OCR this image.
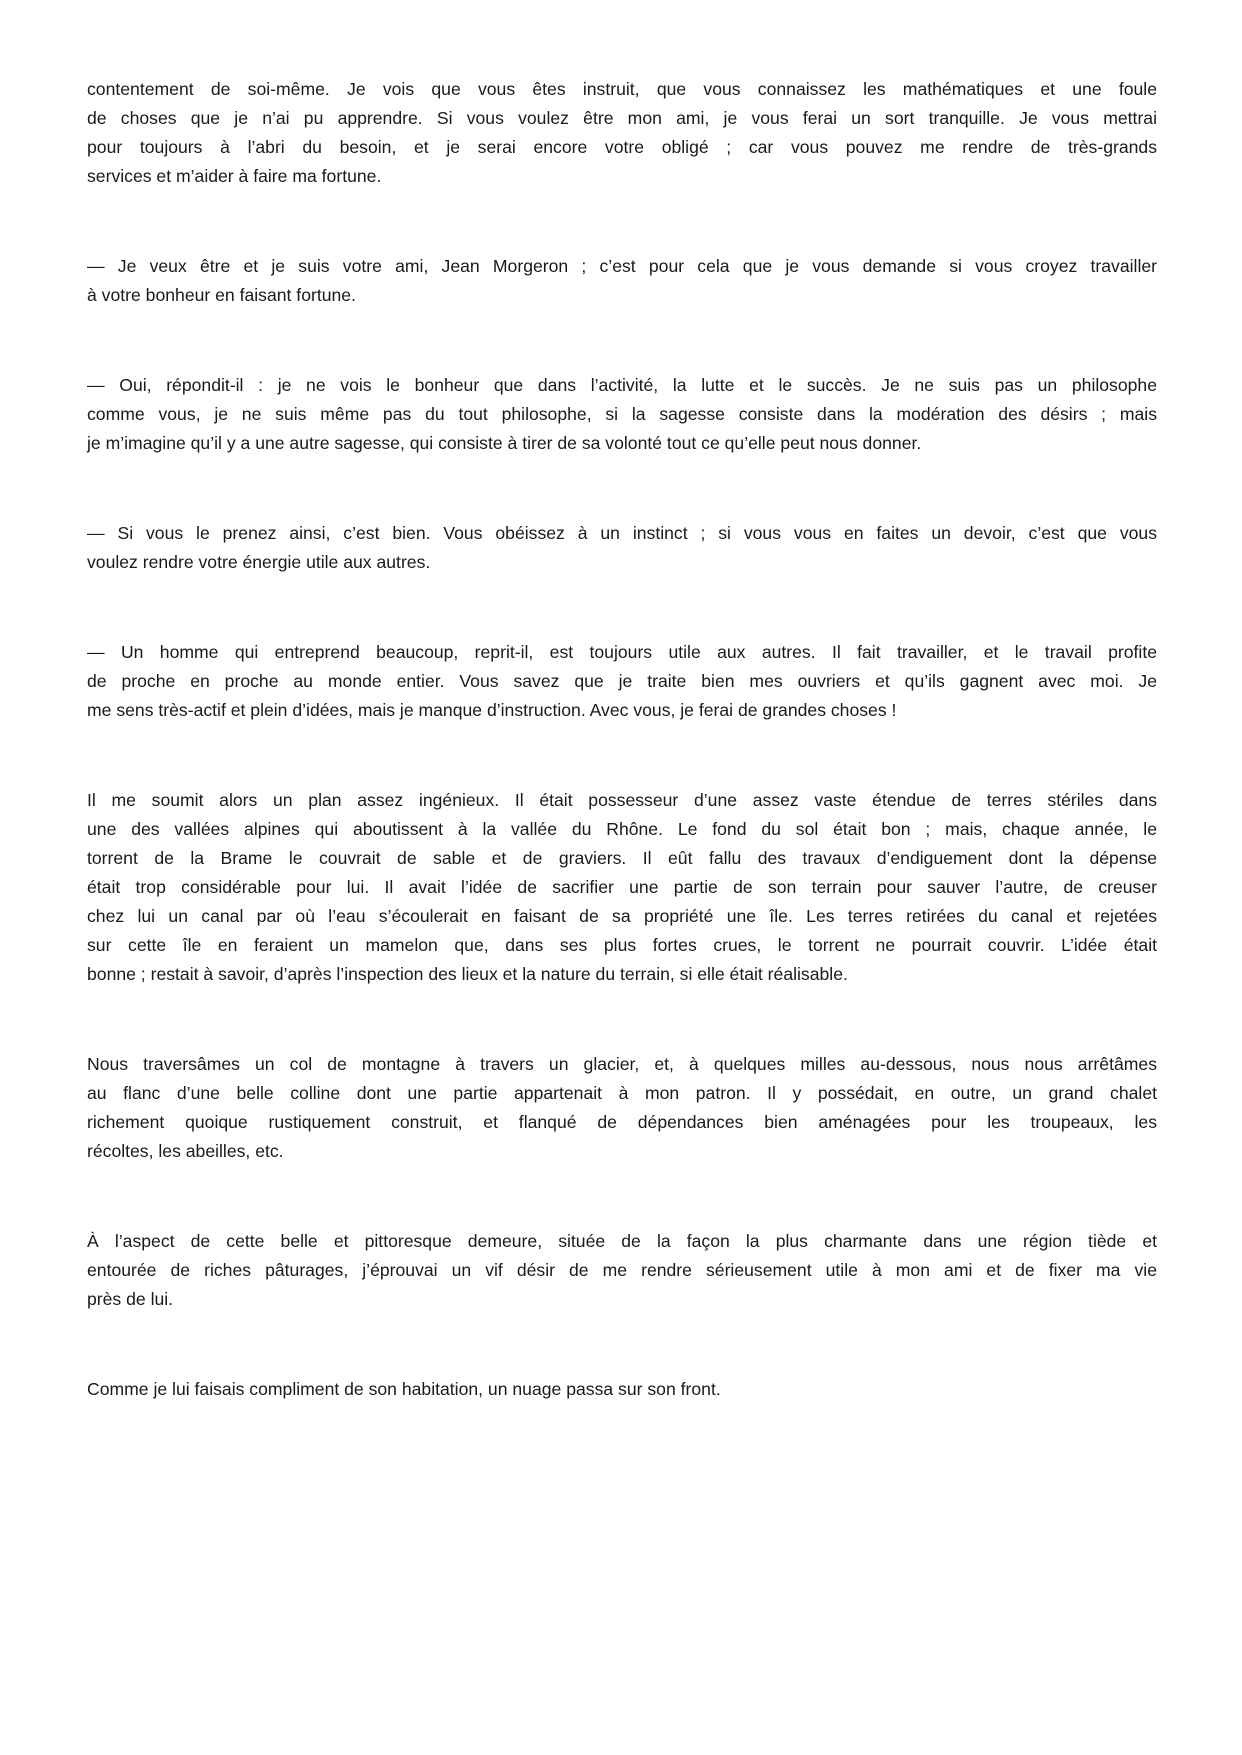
contentement de soi-même. Je vois que vous êtes instruit, que vous connaissez les mathématiques et une foule
de choses que je n’ai pu apprendre. Si vous voulez être mon ami, je vous ferai un sort tranquille. Je vous mettrai
pour toujours à l’abri du besoin, et je serai encore votre obligé ; car vous pouvez me rendre de très-grands
services et m’aider à faire ma fortune.

— Je veux être et je suis votre ami, Jean Morgeron ; c’est pour cela que je vous demande si vous croyez travailler
à votre bonheur en faisant fortune.

— Oui, répondit-il : je ne vois le bonheur que dans l’activité, la lutte et le succès. Je ne suis pas un philosophe
comme vous, je ne suis même pas du tout philosophe, si la sagesse consiste dans la modération des désirs ; mais
je m’imagine qu’il y a une autre sagesse, qui consiste à tirer de sa volonté tout ce qu’elle peut nous donner.

— Si vous le prenez ainsi, c’est bien. Vous obéissez à un instinct ; si vous vous en faites un devoir, c’est que vous
voulez rendre votre énergie utile aux autres.

— Un homme qui entreprend beaucoup, reprit-il, est toujours utile aux autres. Il fait travailler, et le travail profite
de proche en proche au monde entier. Vous savez que je traite bien mes ouvriers et qu’ils gagnent avec moi. Je
me sens très-actif et plein d’idées, mais je manque d’instruction. Avec vous, je ferai de grandes choses !

Il me soumit alors un plan assez ingénieux. Il était possesseur d’une assez vaste étendue de terres stériles dans
une des vallées alpines qui aboutissent à la vallée du Rhône. Le fond du sol était bon ; mais, chaque année, le
torrent de la Brame le couvrait de sable et de graviers. Il eût fallu des travaux d’endiguement dont la dépense
était trop considérable pour lui. Il avait l’idée de sacrifier une partie de son terrain pour sauver l’autre, de creuser
chez lui un canal par où l’eau s’écoulerait en faisant de sa propriété une île. Les terres retirées du canal et rejetées
sur cette île en feraient un mamelon que, dans ses plus fortes crues, le torrent ne pourrait couvrir. L’idée était
bonne ; restait à savoir, d’après l’inspection des lieux et la nature du terrain, si elle était réalisable.

Nous traversâmes un col de montagne à travers un glacier, et, à quelques milles au-dessous, nous nous arrêtâmes
au flanc d’une belle colline dont une partie appartenait à mon patron. Il y possédait, en outre, un grand chalet
richement quoique rustiquement construit, et flanqué de dépendances bien aménagées pour les troupeaux, les
récoltes, les abeilles, etc.

À l’aspect de cette belle et pittoresque demeure, située de la façon la plus charmante dans une région tiède et
entourée de riches pâturages, j’éprouvai un vif désir de me rendre sérieusement utile à mon ami et de fixer ma vie
près de lui.

Comme je lui faisais compliment de son habitation, un nuage passa sur son front.
